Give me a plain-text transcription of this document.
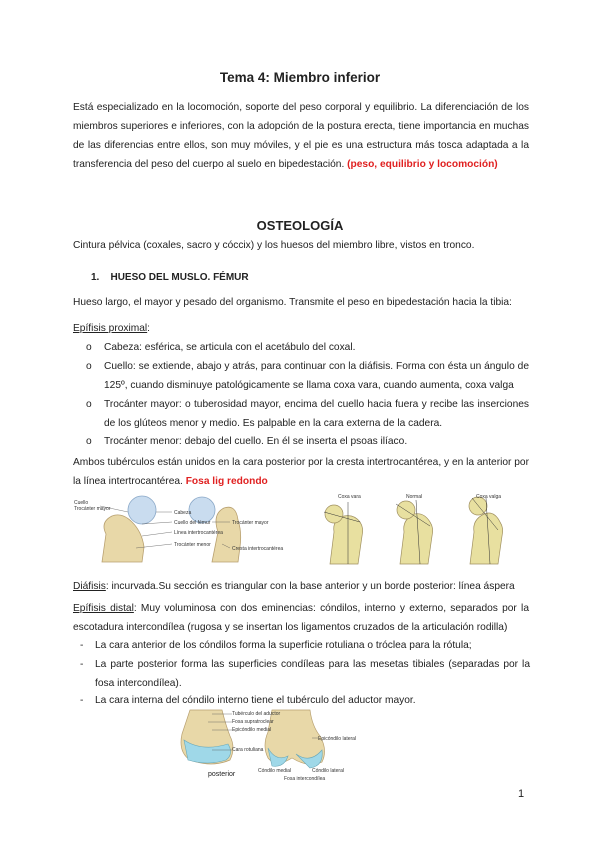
Tema 4: Miembro inferior
Está especializado en la locomoción, soporte del peso corporal y equilibrio. La diferenciación de los miembros superiores e inferiores, con la adopción de la postura erecta, tiene importancia en muchas de las diferencias entre ellos, son muy móviles, y el pie es una estructura más tosca adaptada a la transferencia del peso del cuerpo al suelo en bipedestación. (peso, equilibrio y locomoción)
OSTEOLOGÍA
Cintura pélvica (coxales, sacro y cóccix) y los huesos del miembro libre, vistos en tronco.
1. HUESO DEL MUSLO. FÉMUR
Hueso largo, el mayor y pesado del organismo. Transmite el peso en bipedestación hacia la tibia:
Epífisis proximal:
o Cabeza: esférica, se articula con el acetábulo del coxal.
o Cuello: se extiende, abajo y atrás, para continuar con la diáfisis. Forma con ésta un ángulo de 125º, cuando disminuye patológicamente se llama coxa vara, cuando aumenta, coxa valga
o Trocánter mayor: o tuberosidad mayor, encima del cuello hacia fuera y recibe las inserciones de los glúteos menor y medio. Es palpable en la cara externa de la cadera.
o Trocánter menor: debajo del cuello. En él se inserta el psoas ilíaco.
Ambos tubérculos están unidos en la cara posterior por la cresta intertrocantérea, y en la anterior por la línea intertrocantérea. Fosa lig redondo
Cuello
Trocánter mayor
Cabeza
Cuello del fémur
Línea intertrocantérea
Trocánter menor
Trocánter mayor
Cresta intertrocantérea
Coxa vara	Normal	Coxa valga
Diáfisis: incurvada.Su sección es triangular con la base anterior y un borde posterior: línea áspera
Epífisis distal: Muy voluminosa con dos eminencias: cóndilos, interno y externo, separados por la escotadura intercondílea (rugosa y se insertan los ligamentos cruzados de la articulación rodilla)
- La cara anterior de los cóndilos forma la superficie rotuliana o tróclea para la rótula;
- La parte posterior forma las superficies condíleas para las mesetas tibiales (separadas por la fosa intercondílea).
- La cara interna del cóndilo interno tiene el tubérculo del aductor mayor.
Tubérculo del aductor
Fosa supratroclear
Epicóndilo medial
Cara rotuliana
posterior	Cóndilo medial
Fosa intercondílea
Cóndilo lateral
Epicóndilo lateral
1
